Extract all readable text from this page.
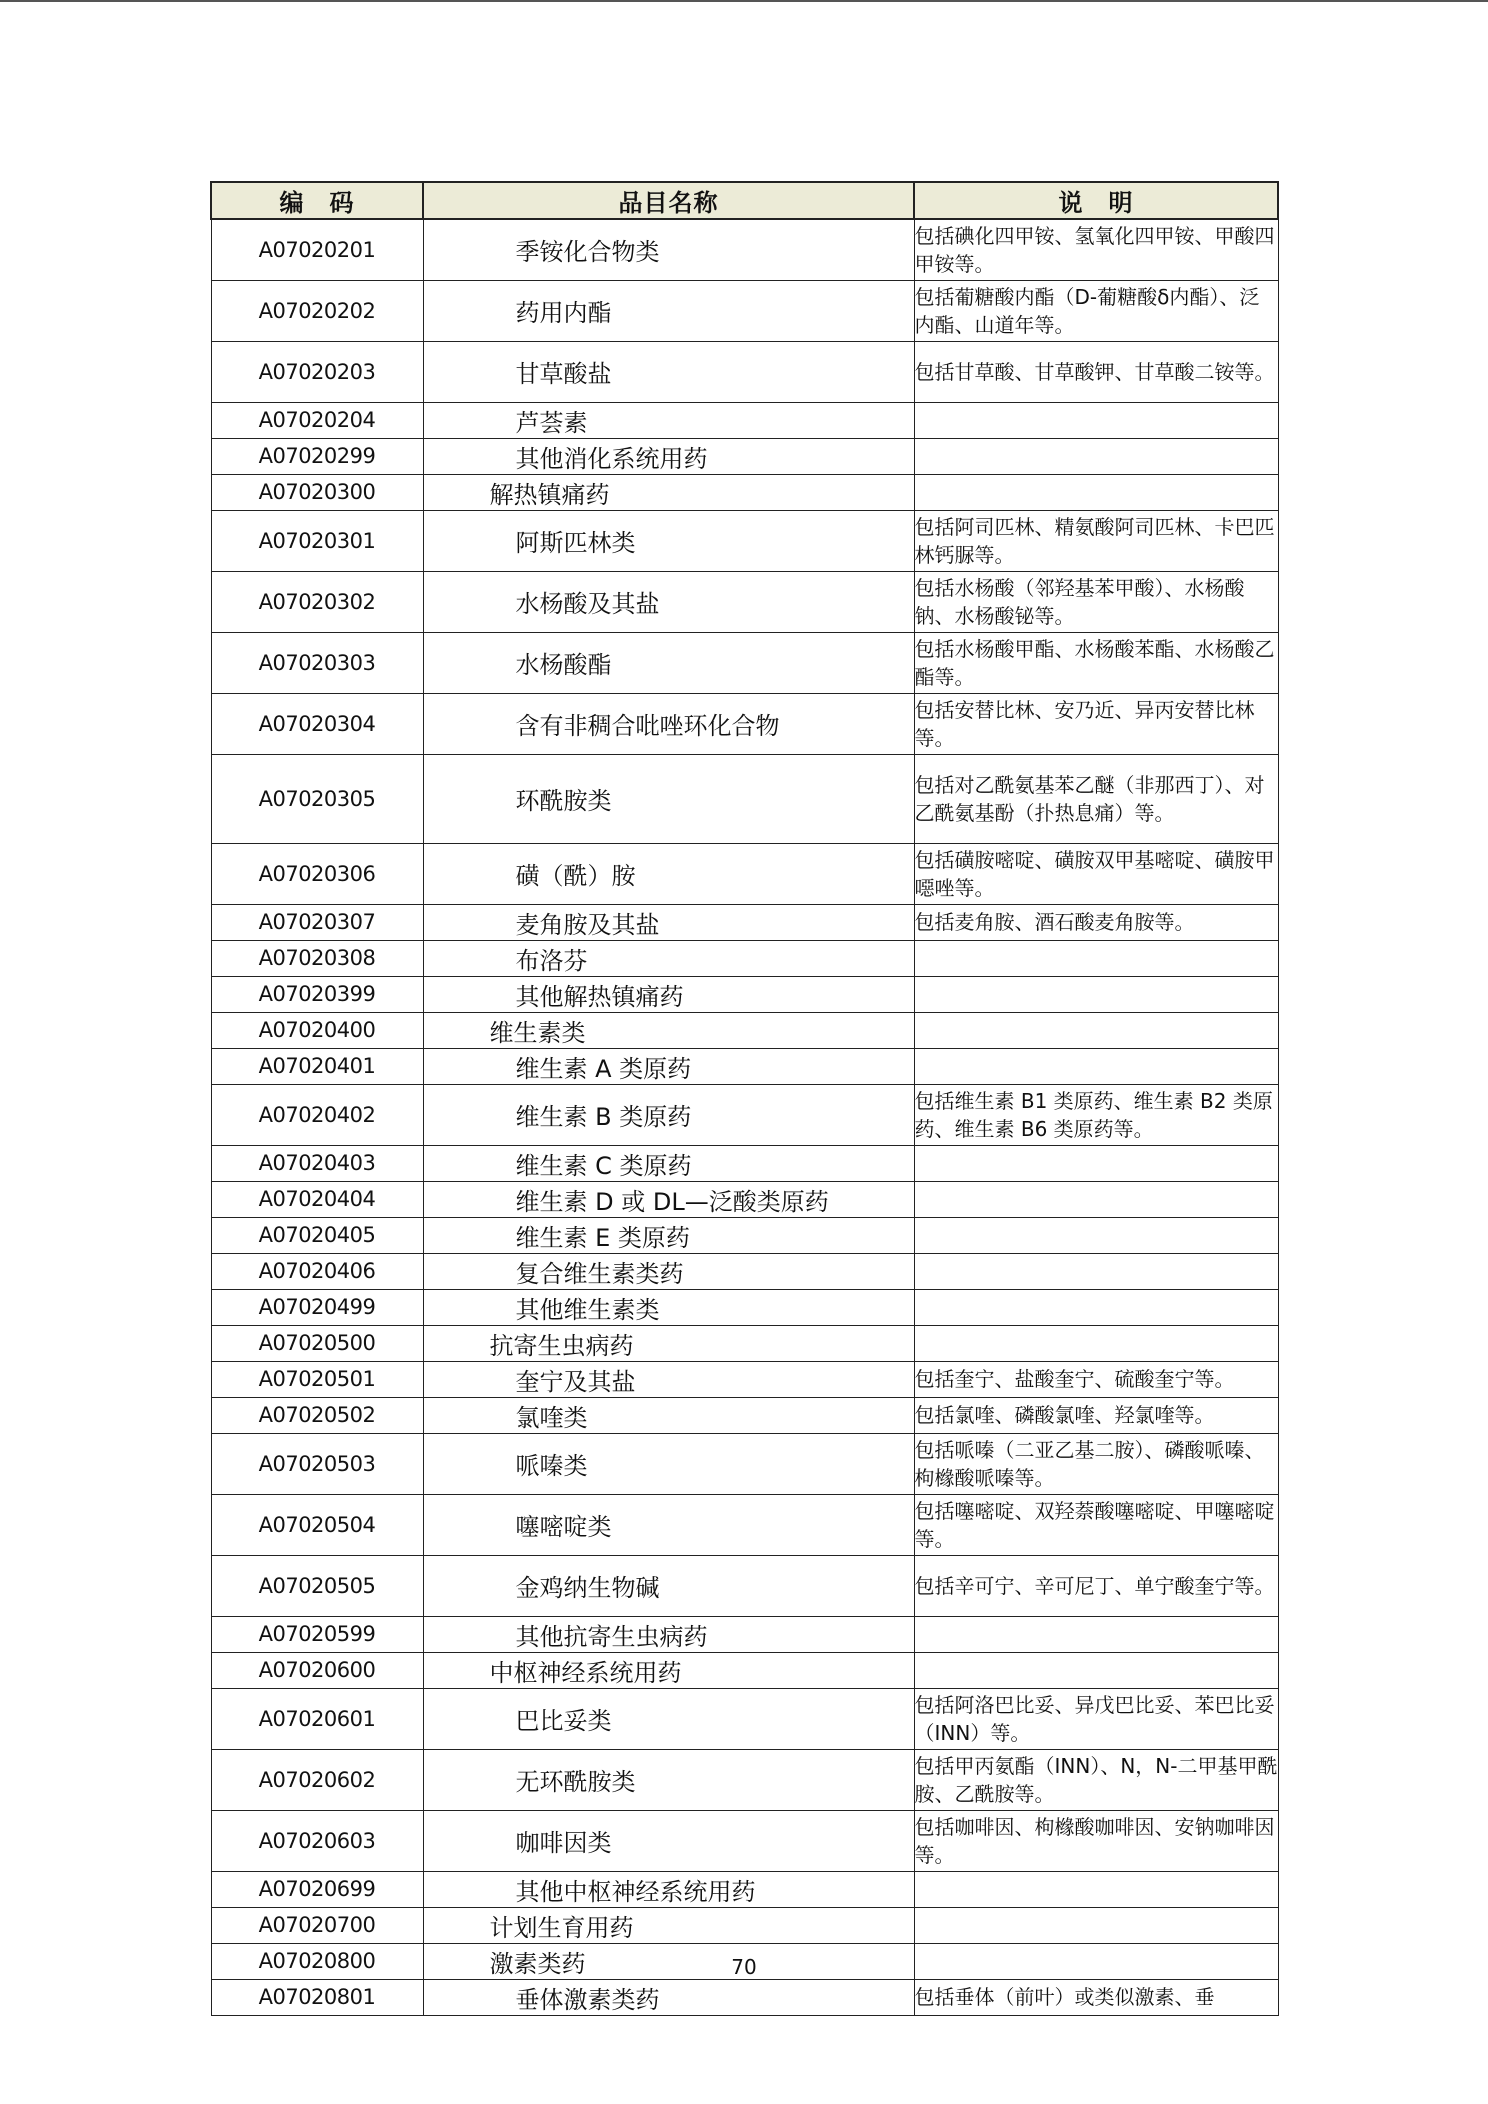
编　码	品目名称	说　明
A07020201	季铵化合物类	包括碘化四甲铵、氢氧化四甲铵、甲酸四甲铵等。
A07020202	药用内酯	包括葡糖酸内酯（D-葡糖酸δ内酯）、泛内酯、山道年等。
A07020203	甘草酸盐	包括甘草酸、甘草酸钾、甘草酸二铵等。
A07020204	芦荟素	
A07020299	其他消化系统用药	
A07020300	解热镇痛药	
A07020301	阿斯匹林类	包括阿司匹林、精氨酸阿司匹林、卡巴匹林钙脲等。
A07020302	水杨酸及其盐	包括水杨酸（邻羟基苯甲酸）、水杨酸钠、水杨酸铋等。
A07020303	水杨酸酯	包括水杨酸甲酯、水杨酸苯酯、水杨酸乙酯等。
A07020304	含有非稠合吡唑环化合物	包括安替比林、安乃近、异丙安替比林等。
A07020305	环酰胺类	包括对乙酰氨基苯乙醚（非那西丁）、对乙酰氨基酚（扑热息痛）等。
A07020306	磺（酰）胺	包括磺胺嘧啶、磺胺双甲基嘧啶、磺胺甲噁唑等。
A07020307	麦角胺及其盐	包括麦角胺、酒石酸麦角胺等。
A07020308	布洛芬	
A07020399	其他解热镇痛药	
A07020400	维生素类	
A07020401	维生素 A 类原药	
A07020402	维生素 B 类原药	包括维生素 B1 类原药、维生素 B2 类原药、维生素 B6 类原药等。
A07020403	维生素 C 类原药	
A07020404	维生素 D 或 DL—泛酸类原药	
A07020405	维生素 E 类原药	
A07020406	复合维生素类药	
A07020499	其他维生素类	
A07020500	抗寄生虫病药	
A07020501	奎宁及其盐	包括奎宁、盐酸奎宁、硫酸奎宁等。
A07020502	氯喹类	包括氯喹、磷酸氯喹、羟氯喹等。
A07020503	哌嗪类	包括哌嗪（二亚乙基二胺）、磷酸哌嗪、枸橼酸哌嗪等。
A07020504	噻嘧啶类	包括噻嘧啶、双羟萘酸噻嘧啶、甲噻嘧啶等。
A07020505	金鸡纳生物碱	包括辛可宁、辛可尼丁、单宁酸奎宁等。
A07020599	其他抗寄生虫病药	
A07020600	中枢神经系统用药	
A07020601	巴比妥类	包括阿洛巴比妥、异戊巴比妥、苯巴比妥（INN）等。
A07020602	无环酰胺类	包括甲丙氨酯（INN）、N，N-二甲基甲酰胺、乙酰胺等。
A07020603	咖啡因类	包括咖啡因、枸橼酸咖啡因、安钠咖啡因等。
A07020699	其他中枢神经系统用药	
A07020700	计划生育用药	
A07020800	激素类药	
A07020801	垂体激素类药	包括垂体（前叶）或类似激素、垂
70
